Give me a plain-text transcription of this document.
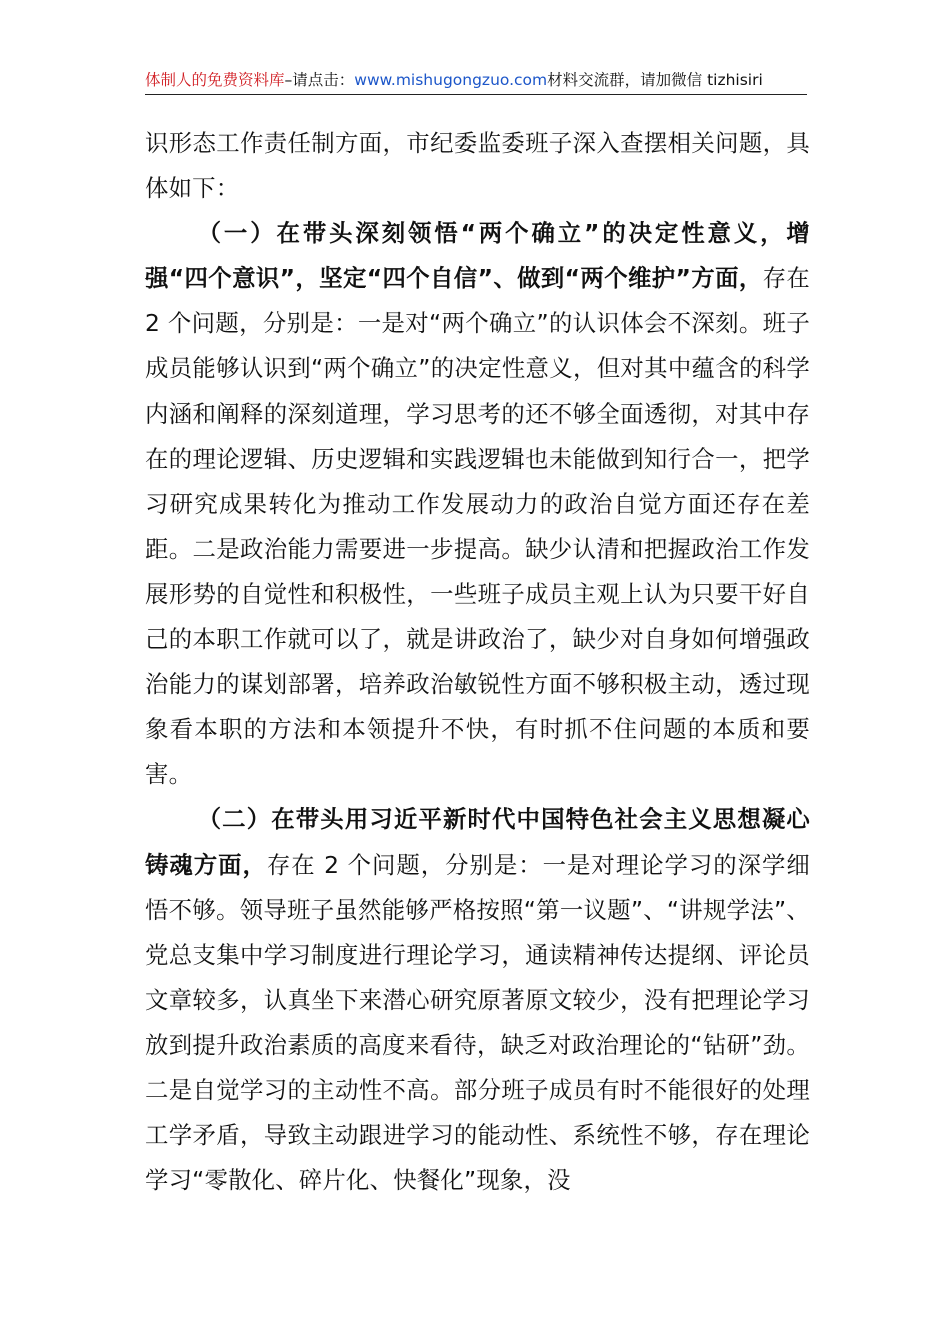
体制人的免费资料库–请点击：www.mishugongzuo.com材料交流群，请加微信 tizhisiri

识形态工作责任制方面，市纪委监委班子深入查摆相关问题，具体如下：

（一）在带头深刻领悟“两个确立”的决定性意义，增强“四个意识”，坚定“四个自信”、做到“两个维护”方面，存在 2 个问题，分别是：一是对“两个确立”的认识体会不深刻。班子成员能够认识到“两个确立”的决定性意义，但对其中蕴含的科学内涵和阐释的深刻道理，学习思考的还不够全面透彻，对其中存在的理论逻辑、历史逻辑和实践逻辑也未能做到知行合一，把学习研究成果转化为推动工作发展动力的政治自觉方面还存在差距。二是政治能力需要进一步提高。缺少认清和把握政治工作发展形势的自觉性和积极性，一些班子成员主观上认为只要干好自己的本职工作就可以了，就是讲政治了，缺少对自身如何增强政治能力的谋划部署，培养政治敏锐性方面不够积极主动，透过现象看本职的方法和本领提升不快，有时抓不住问题的本质和要害。

（二）在带头用习近平新时代中国特色社会主义思想凝心铸魂方面，存在 2 个问题，分别是：一是对理论学习的深学细悟不够。领导班子虽然能够严格按照“第一议题”、“讲规学法”、党总支集中学习制度进行理论学习，通读精神传达提纲、评论员文章较多，认真坐下来潜心研究原著原文较少，没有把理论学习放到提升政治素质的高度来看待，缺乏对政治理论的“钻研”劲。二是自觉学习的主动性不高。部分班子成员有时不能很好的处理工学矛盾，导致主动跟进学习的能动性、系统性不够，存在理论学习“零散化、碎片化、快餐化”现象，没
